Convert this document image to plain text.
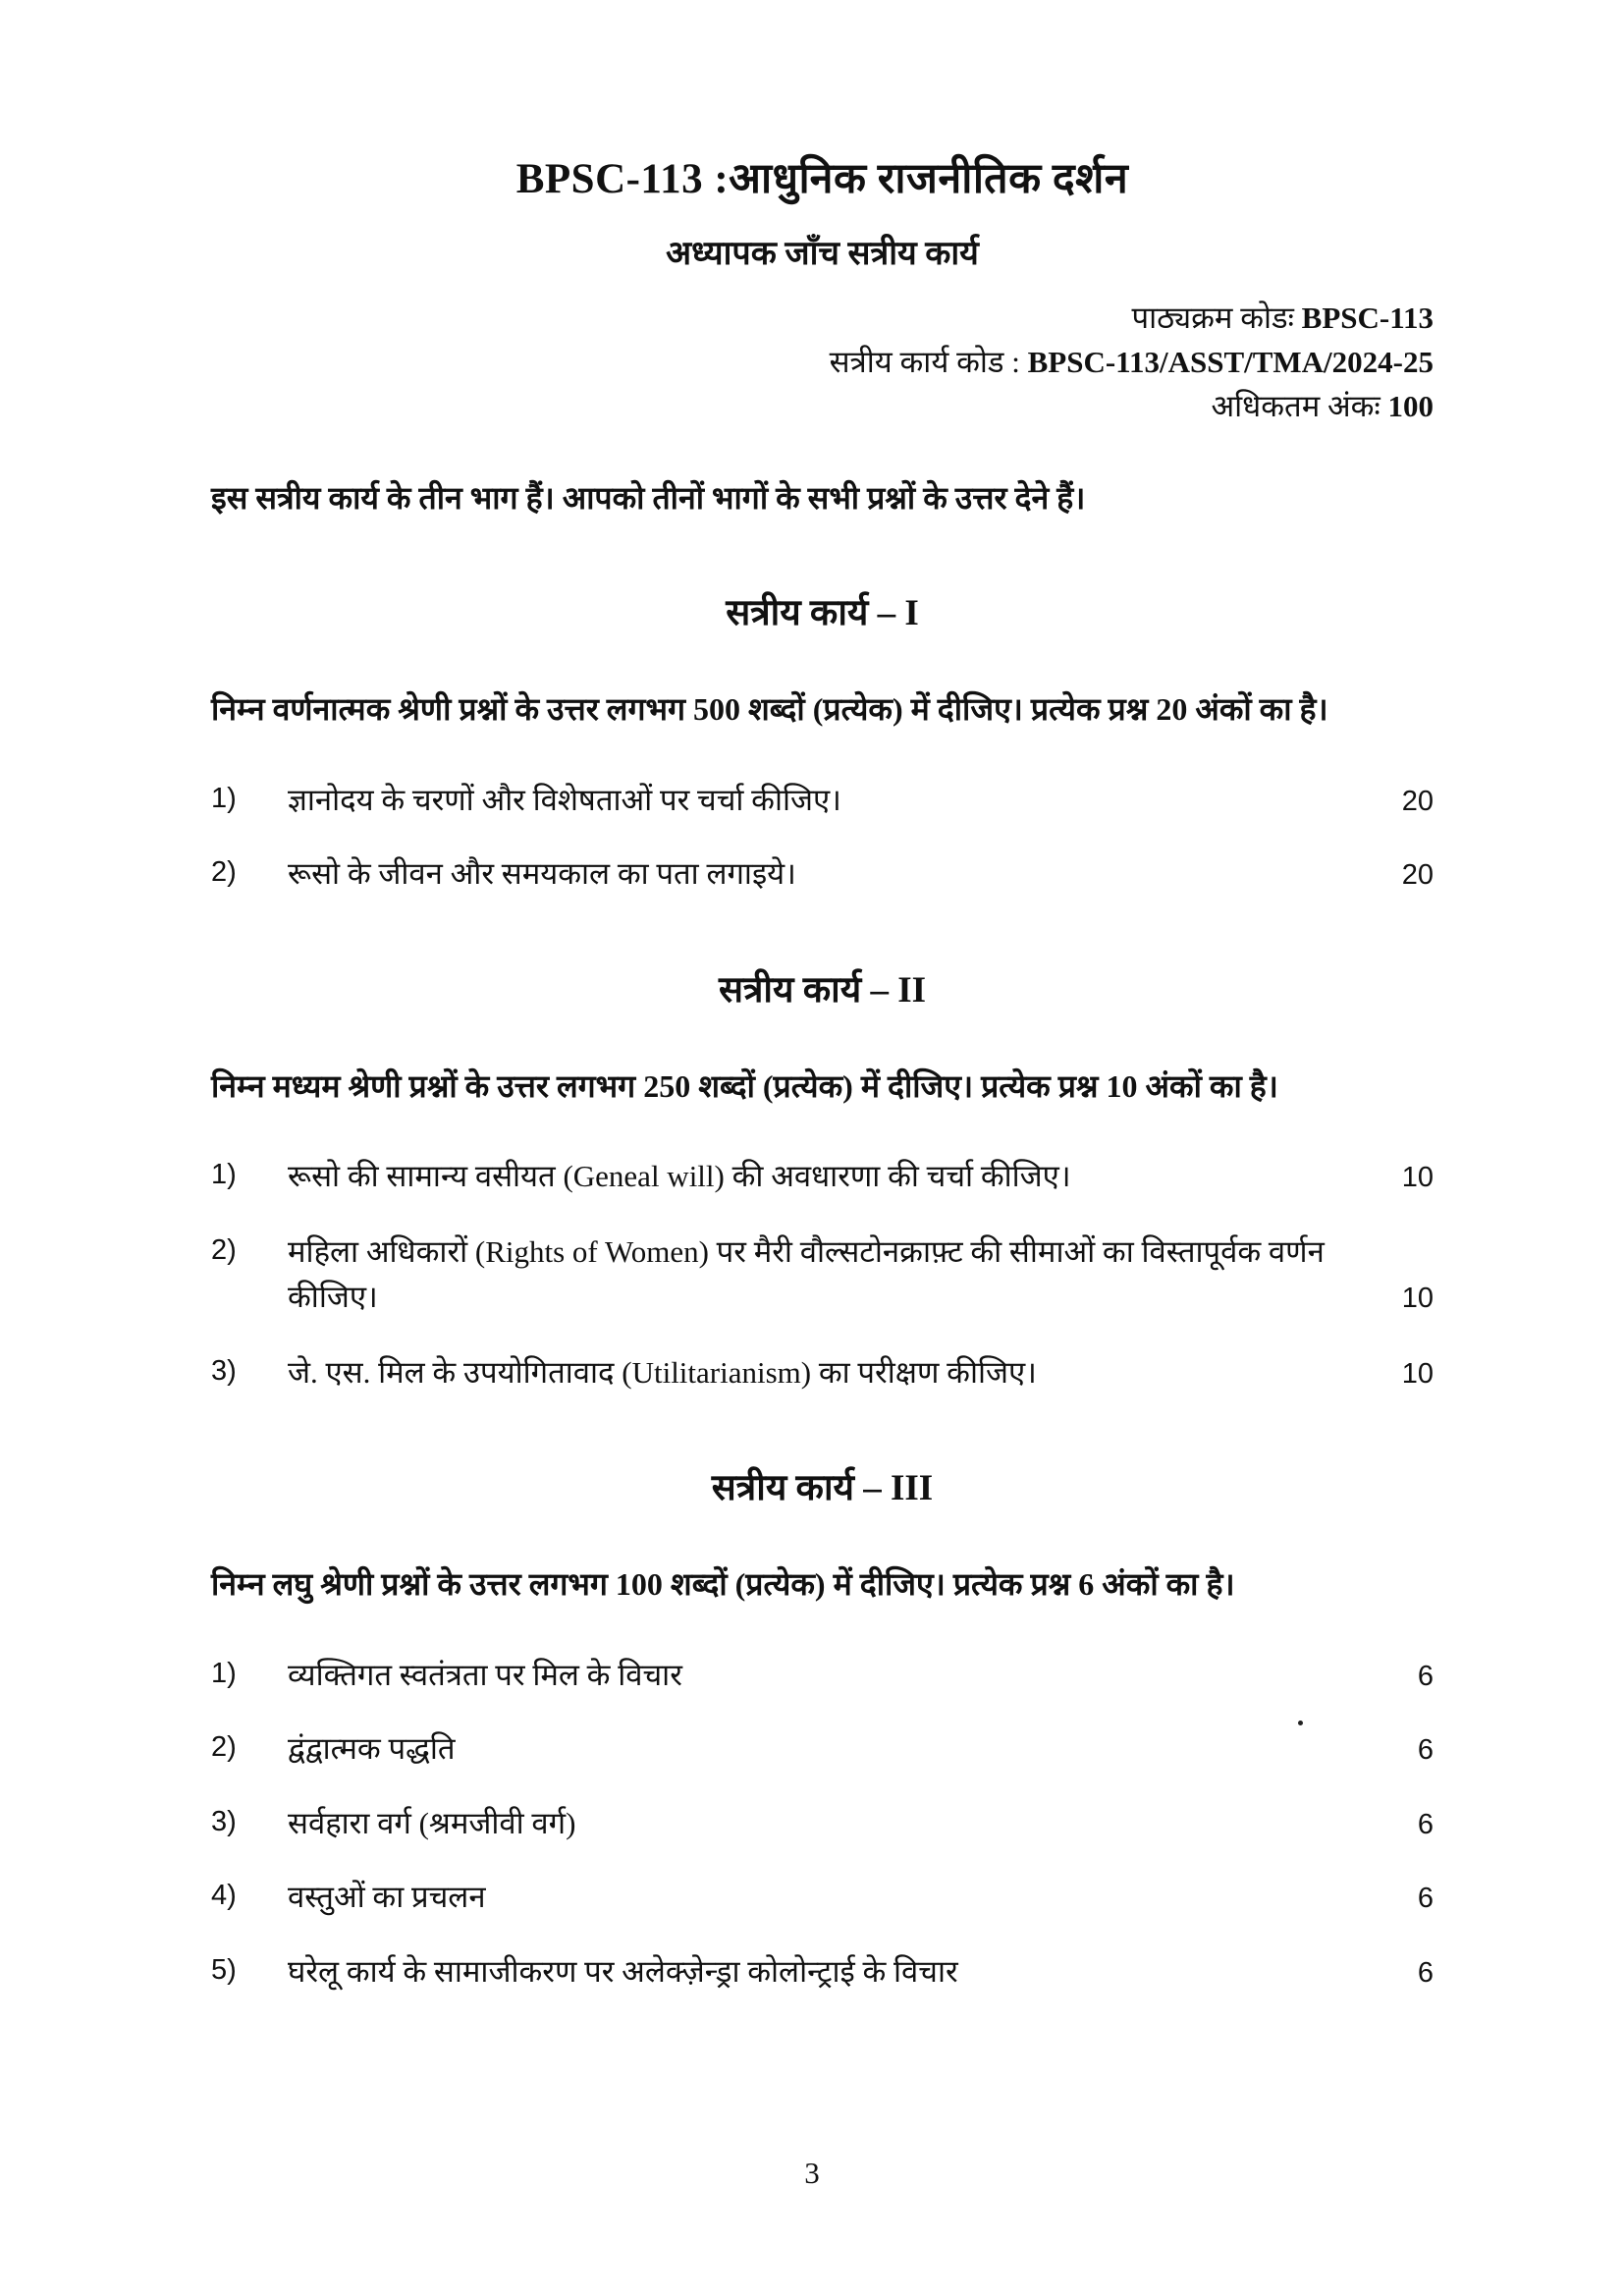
BPSC-113 :आधुनिक राजनीतिक दर्शन
अध्यापक जाँच सत्रीय कार्य
पाठ्यक्रम कोडः BPSC-113
सत्रीय कार्य कोड : BPSC-113/ASST/TMA/2024-25
अधिकतम अंकः 100
इस सत्रीय कार्य के तीन भाग हैं। आपको तीनों भागों के सभी प्रश्नों के उत्तर देने हैं।
सत्रीय कार्य – I
निम्न वर्णनात्मक श्रेणी प्रश्नों के उत्तर लगभग 500 शब्दों (प्रत्येक) में दीजिए। प्रत्येक प्रश्न 20 अंकों का है।
1)	ज्ञानोदय के चरणों और विशेषताओं पर चर्चा कीजिए।	20
2)	रूसो के जीवन और समयकाल का पता लगाइये।	20
सत्रीय कार्य – II
निम्न मध्यम श्रेणी प्रश्नों के उत्तर लगभग 250 शब्दों (प्रत्येक) में दीजिए। प्रत्येक प्रश्न 10 अंकों का है।
1)	रूसो की सामान्य वसीयत (Geneal will) की अवधारणा की चर्चा कीजिए।	10
2)	महिला अधिकारों (Rights of Women) पर मैरी वौल्सटोनक्राफ़्ट की सीमाओं का विस्तापूर्वक वर्णन कीजिए।	10
3)	जे. एस. मिल के उपयोगितावाद (Utilitarianism) का परीक्षण कीजिए।	10
सत्रीय कार्य – III
निम्न लघु श्रेणी प्रश्नों के उत्तर लगभग 100 शब्दों (प्रत्येक) में दीजिए। प्रत्येक प्रश्न 6 अंकों का है।
1)	व्यक्तिगत स्वतंत्रता पर मिल के विचार	6
2)	द्वंद्वात्मक पद्धति	6
3)	सर्वहारा वर्ग (श्रमजीवी वर्ग)	6
4)	वस्तुओं का प्रचलन	6
5)	घरेलू कार्य के सामाजीकरण पर अलेक्ज़ेन्ड्रा कोलोन्ट्राई के विचार	6
3
